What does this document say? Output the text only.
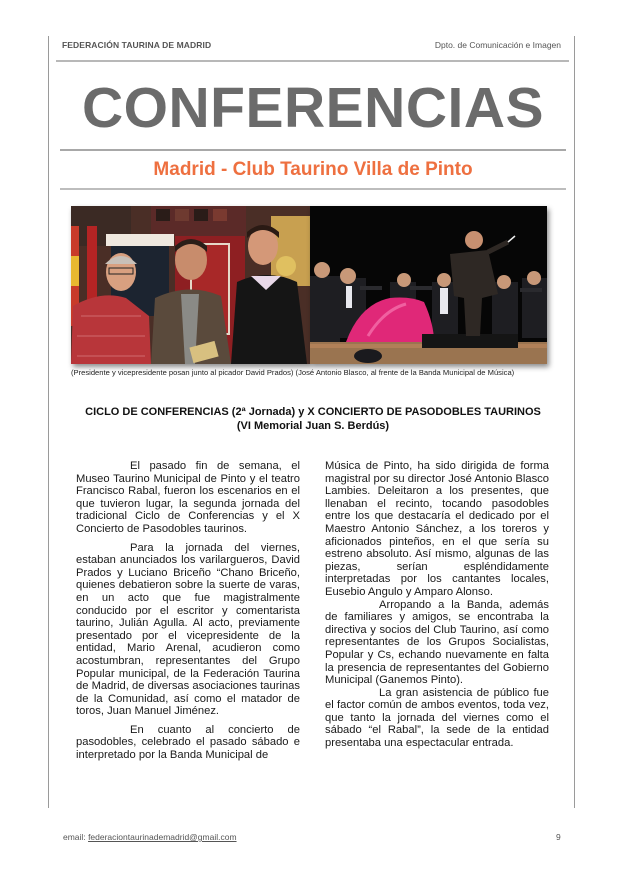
FEDERACIÓN TAURINA DE MADRID	Dpto. de Comunicación e Imagen
CONFERENCIAS
Madrid - Club Taurino Villa de Pinto
(Presidente y vicepresidente posan junto al picador David Prados) (José Antonio Blasco, al frente de la Banda Municipal de Música)
CICLO DE CONFERENCIAS (2ª Jornada) y X CONCIERTO DE PASODOBLES TAURINOS
(VI Memorial Juan S. Berdús)

El pasado fin de semana, el Museo Taurino Municipal de Pinto y el teatro Francisco Rabal, fueron los escenarios en el que tuvieron lugar, la segunda jornada del tradicional Ciclo de Conferencias y el X Concierto de Pasodobles taurinos.

Para la jornada del viernes, estaban anunciados los varilargueros, David Prados y Luciano Briceño “Chano Briceño, quienes debatieron sobre la suerte de varas, en un acto que fue magistralmente conducido por el escritor y comentarista taurino, Julián Agulla. Al acto, previamente presentado por el vicepresidente de la entidad, Mario Arenal, acudieron como acostumbran, representantes del Grupo Popular municipal, de la Federación Taurina de Madrid, de diversas asociaciones taurinas de la Comunidad, así como el matador de toros, Juan Manuel Jiménez.

En cuanto al concierto de pasodobles, celebrado el pasado sábado e interpretado por la Banda Municipal de

Música de Pinto, ha sido dirigida de forma magistral por su director José Antonio Blasco Lambies. Deleitaron a los presentes, que llenaban el recinto, tocando pasodobles entre los que destacaría el dedicado por el Maestro Antonio Sánchez, a los toreros y aficionados pinteños, en el que sería su estreno absoluto. Así mismo, algunas de las piezas, serían espléndidamente interpretadas por los cantantes locales, Eusebio Angulo y Amparo Alonso.

Arropando a la Banda, además de familiares y amigos, se encontraba la directiva y socios del Club Taurino, así como representantes de los Grupos Socialistas, Popular y Cs, echando nuevamente en falta la presencia de representantes del Gobierno Municipal (Ganemos Pinto).

La gran asistencia de público fue el factor común de ambos eventos, toda vez, que tanto la jornada del viernes como el sábado “el Rabal”, la sede de la entidad presentaba una espectacular entrada.

email: federaciontaurinademadrid@gmail.com	9
